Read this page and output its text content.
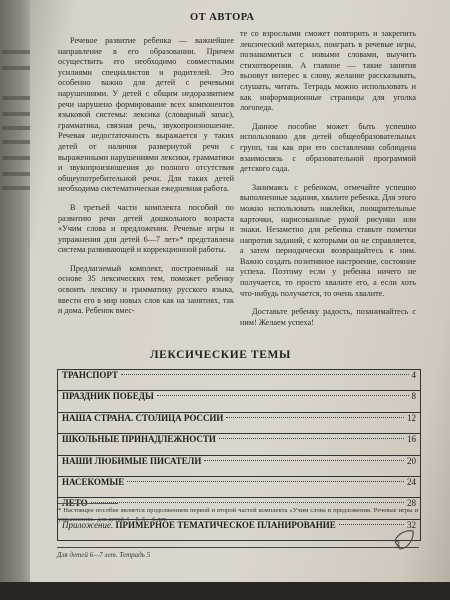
ОТ АВТОРА

Речевое развитие ребенка — важнейшее направление в его образовании. Причем осуществить его необходимо совместными усилиями специалистов и родителей. Это особенно важно для детей с речевыми нарушениями. У детей с общим недоразвитием речи нарушено формирование всех компонентов языковой системы: лексика (словарный запас), грамматика, связная речь, звукопроизношение. Речевая недостаточность выражается у таких детей от наличия развернутой речи с выраженными нарушениями лексики, грамматики и звукопроизношения до полного отсутствия общеупотребительной речи. Для таких детей необходима систематическая ежедневная работа.

В третьей части комплекта пособий по развитию речи детей дошкольного возраста «Учим слова и предложения. Речевые игры и упражнения для детей 6—7 лет»* представлена система развивающей и коррекционной работы.

Предлагаемый комплект, построенный на основе 35 лексических тем, поможет ребенку освоить лексику и грамматику русского языка, ввести его в мир новых слов как на занятиях, так и дома. Ребенок вмес-

те со взрослыми сможет повторить и закрепить лексический материал, поиграть в речевые игры, познакомиться с новыми словами, выучить стихотворения. А главное — такие занятия вызовут интерес к слову, желание рассказывать, слушать, читать. Тетрадь можно использовать и как информационные страницы для уголка логопеда.

Данное пособие может быть успешно использовано для детей общеобразовательных групп, так как при его составлении соблюдена взаимосвязь с образовательной программой детского сада.

Занимаясь с ребенком, отмечайте успешно выполненные задания, хвалите ребенка. Для этого можно использовать наклейки, поощрительные карточки, нарисованные рукой рисунки или знаки. Незаметно для ребенка ставьте пометки напротив заданий, с которыми он не справляется, а затем периодически возвращайтесь к ним. Важно создать позитивное настроение, состояние успеха. Поэтому если у ребенка ничего не получается, то просто хвалите его, а если хоть что-нибудь получается, то очень хвалите.

Доставьте ребенку радость, позанимайтесь с ним! Желаем успеха!

ЛЕКСИЧЕСКИЕ ТЕМЫ
ТРАНСПОРТ	4
ПРАЗДНИК ПОБЕДЫ	8
НАША СТРАНА. СТОЛИЦА РОССИИ	12
ШКОЛЬНЫЕ ПРИНАДЛЕЖНОСТИ	16
НАШИ ЛЮБИМЫЕ ПИСАТЕЛИ	20
НАСЕКОМЫЕ	24
ЛЕТО	28
Приложение. ПРИМЕРНОЕ ТЕМАТИЧЕСКОЕ ПЛАНИРОВАНИЕ	32
* Настоящее пособие является продолжением первой и второй частей комплекта «Учим слова и предложения. Речевые игры и упражнения» для детей 4—5, 5—6 лет.
Для детей 6—7 лет. Тетрадь 5
3
